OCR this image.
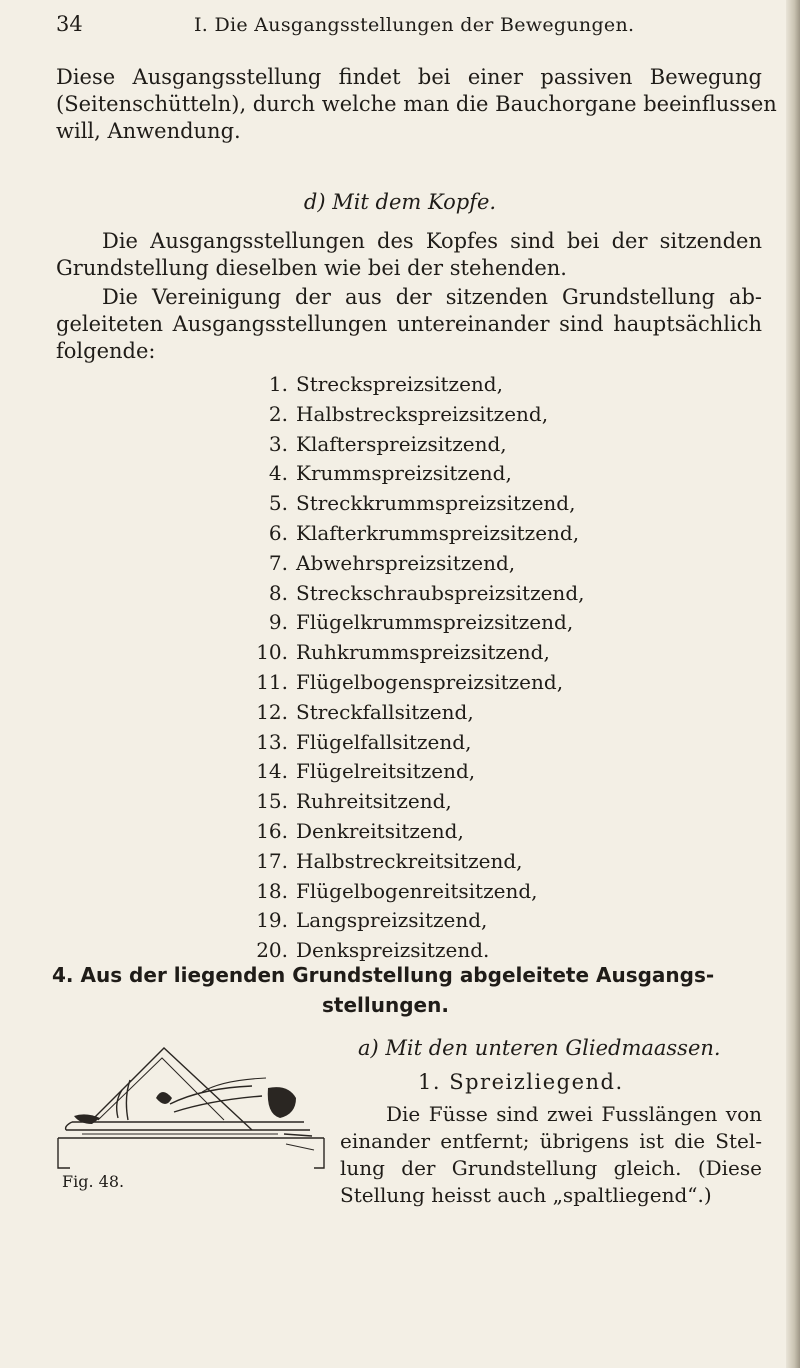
34	I. Die Ausgangsstellungen der Bewegungen.
Diese Ausgangsstellung findet bei einer passiven Bewegung
(Seitenschütteln), durch welche man die Bauchorgane beeinflussen
will, Anwendung.
d) Mit dem Kopfe.
Die Ausgangsstellungen des Kopfes sind bei der sitzenden
Grundstellung dieselben wie bei der stehenden.
Die Vereinigung der aus der sitzenden Grundstellung ab-
geleiteten Ausgangsstellungen untereinander sind hauptsächlich
folgende:
1. Streckspreizsitzend,
2. Halbstreckspreizsitzend,
3. Klafterspreizsitzend,
4. Krummspreizsitzend,
5. Streckkrummspreizsitzend,
6. Klafterkrummspreizsitzend,
7. Abwehrspreizsitzend,
8. Streckschraubspreizsitzend,
9. Flügelkrummspreizsitzend,
10. Ruhkrummspreizsitzend,
11. Flügelbogenspreizsitzend,
12. Streckfallsitzend,
13. Flügelfallsitzend,
14. Flügelreitsitzend,
15. Ruhreitsitzend,
16. Denkreitsitzend,
17. Halbstreckreitsitzend,
18. Flügelbogenreitsitzend,
19. Langspreizsitzend,
20. Denkspreizsitzend.
4. Aus der liegenden Grundstellung abgeleitete Ausgangs-
stellungen.
Fig. 48.
a) Mit den unteren Gliedmaassen.
1. Spreizliegend.
Die Füsse sind zwei Fusslängen von
einander entfernt; übrigens ist die Stel-
lung der Grundstellung gleich. (Diese
Stellung heisst auch „spaltliegend“.)
